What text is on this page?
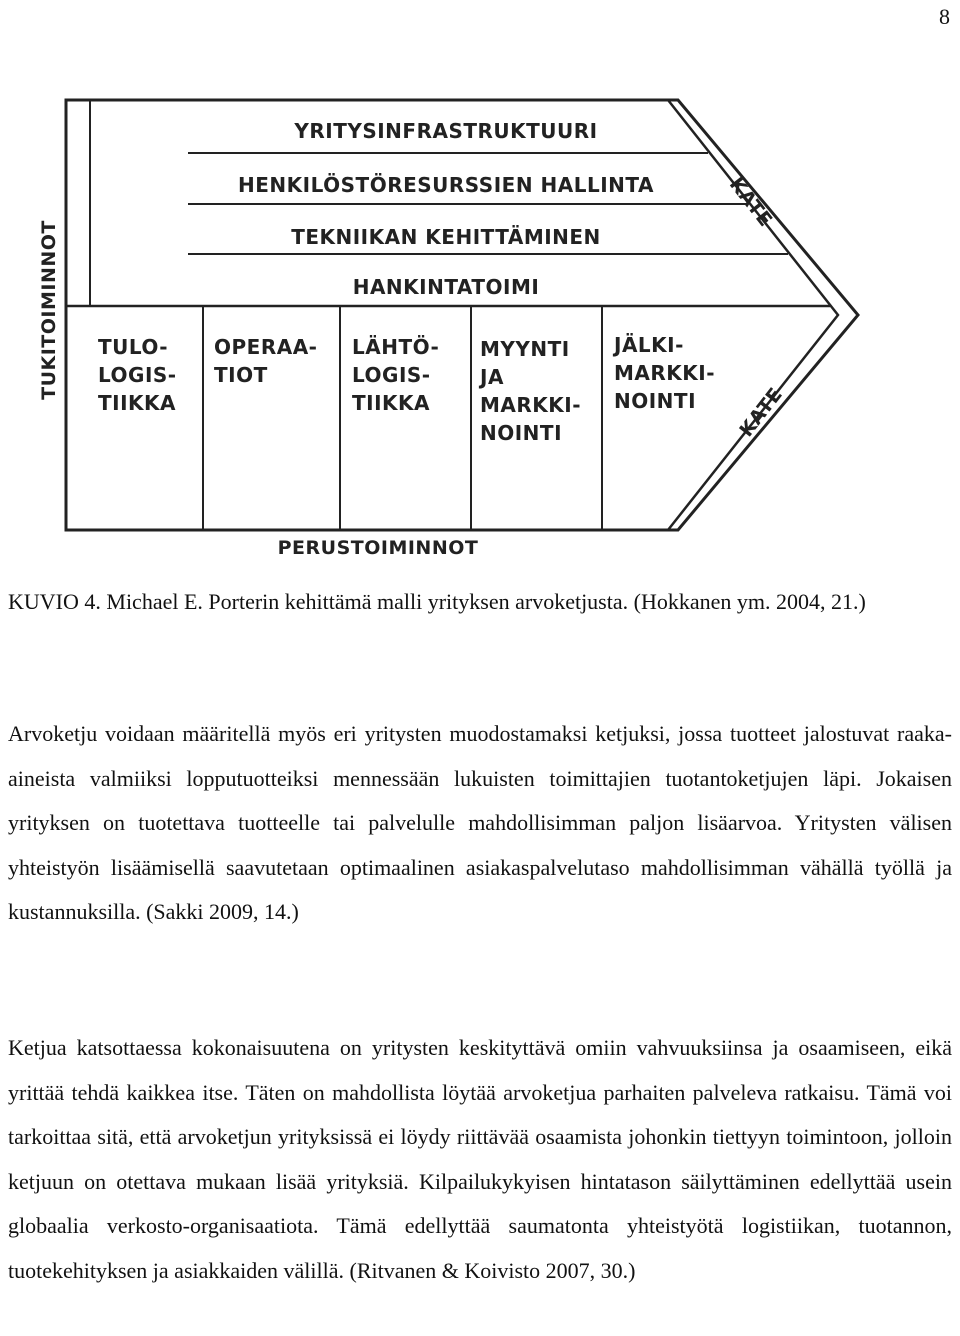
8
TUKITOIMINNOT
YRITYSINFRASTRUKTUURI
HENKILÖSTÖRESURSSIEN HALLINTA
TEKNIIKAN KEHITTÄMINEN
HANKINTATOIMI
TULO-
LOGIS-
TIIKKA
OPERAA-
TIOT
LÄHTÖ-
LOGIS-
TIIKKA
MYYNTI
JA
MARKKI-
NOINTI
JÄLKI-
MARKKI-
NOINTI
KATE
KATE
PERUSTOIMINNOT
KUVIO 4. Michael E. Porterin kehittämä malli yrityksen arvoketjusta. (Hokkanen ym. 2004, 21.)

Arvoketju voidaan määritellä myös eri yritysten muodostamaksi ketjuksi, jossa tuotteet jalostuvat raaka-aineista valmiiksi lopputuotteiksi mennessään lukuisten toimittajien tuotantoketjujen läpi. Jokaisen yrityksen on tuotettava tuotteelle tai palvelulle mahdollisimman paljon lisäarvoa. Yritysten välisen yhteistyön lisäämisellä saavutetaan optimaalinen asiakaspalvelutaso mahdollisimman vähällä työllä ja kustannuksilla. (Sakki 2009, 14.)

Ketjua katsottaessa kokonaisuutena on yritysten keskityttävä omiin vahvuuksiinsa ja osaamiseen, eikä yrittää tehdä kaikkea itse. Täten on mahdollista löytää arvoketjua parhaiten palveleva ratkaisu. Tämä voi tarkoittaa sitä, että arvoketjun yrityksissä ei löydy riittävää osaamista johonkin tiettyyn toimintoon, jolloin ketjuun on otettava mukaan lisää yrityksiä. Kilpailukykyisen hintatason säilyttäminen edellyttää usein globaalia verkosto-organisaatiota. Tämä edellyttää saumatonta yhteistyötä logistiikan, tuotannon, tuotekehityksen ja asiakkaiden välillä. (Ritvanen & Koivisto 2007, 30.)
